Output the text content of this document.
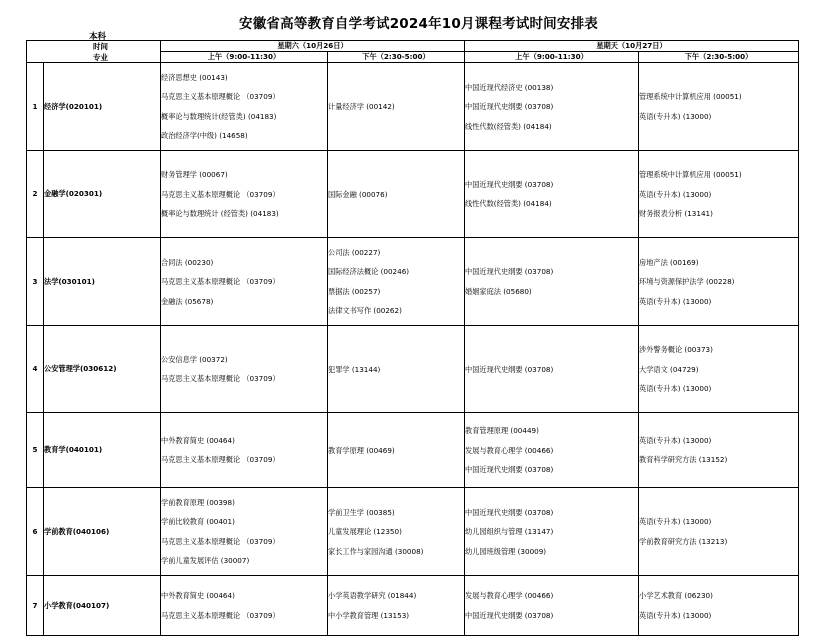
安徽省高等教育自学考试2024年10月课程考试时间安排表
本科
时间
专业		星期六（10月26日）		星期天（10月27日）	
		上午（9:00-11:30）	下午（2:30-5:00）	上午（9:00-11:30）	下午（2:30-5:00）
1	经济学(020101)	经济思想史 (00143)
马克思主义基本原理概论 （03709）
概率论与数理统计(经管类) (04183)
政治经济学(中级) (14658)	计量经济学 (00142)	中国近现代经济史 (00138)
中国近现代史纲要 (03708)
线性代数(经管类) (04184)	管理系统中计算机应用 (00051)
英语(专升本) (13000)

2	金融学(020301)	财务管理学 (00067)
马克思主义基本原理概论 （03709）
概率论与数理统计 (经管类) (04183)	国际金融 (00076)	中国近现代史纲要 (03708)
线性代数(经管类) (04184)	管理系统中计算机应用 (00051)
英语(专升本) (13000)
财务报表分析 (13141)

3	法学(030101)	合同法 (00230)
马克思主义基本原理概论 （03709）
金融法 (05678)	公司法 (00227)
国际经济法概论 (00246)
票据法 (00257)
法律文书写作 (00262)	中国近现代史纲要 (03708)
婚姻家庭法 (05680)	房地产法 (00169)
环境与资源保护法学 (00228)
英语(专升本) (13000)

4	公安管理学(030612)	公安信息学 (00372)
马克思主义基本原理概论 （03709）	犯罪学 (13144)	中国近现代史纲要 (03708)	涉外警务概论 (00373)
大学语文 (04729)
英语(专升本) (13000)

5	教育学(040101)	中外教育简史 (00464)
马克思主义基本原理概论 （03709）	教育学原理 (00469)	教育管理原理 (00449)
发展与教育心理学 (00466)
中国近现代史纲要 (03708)	英语(专升本) (13000)
教育科学研究方法 (13152)

6	学前教育(040106)	学前教育原理 (00398)
学前比较教育 (00401)
马克思主义基本原理概论 （03709）
学前儿童发展评估 (30007)	学前卫生学 (00385)
儿童发展理论 (12350)
家长工作与家园沟通 (30008)	中国近现代史纲要 (03708)
幼儿园组织与管理 (13147)
幼儿园班级管理 (30009)	英语(专升本) (13000)
学前教育研究方法 (13213)

7	小学教育(040107)	中外教育简史 (00464)
马克思主义基本原理概论 （03709）	小学英语教学研究 (01844)
中小学教育管理 (13153)	发展与教育心理学 (00466)
中国近现代史纲要 (03708)	小学艺术教育 (06230)
英语(专升本) (13000)
